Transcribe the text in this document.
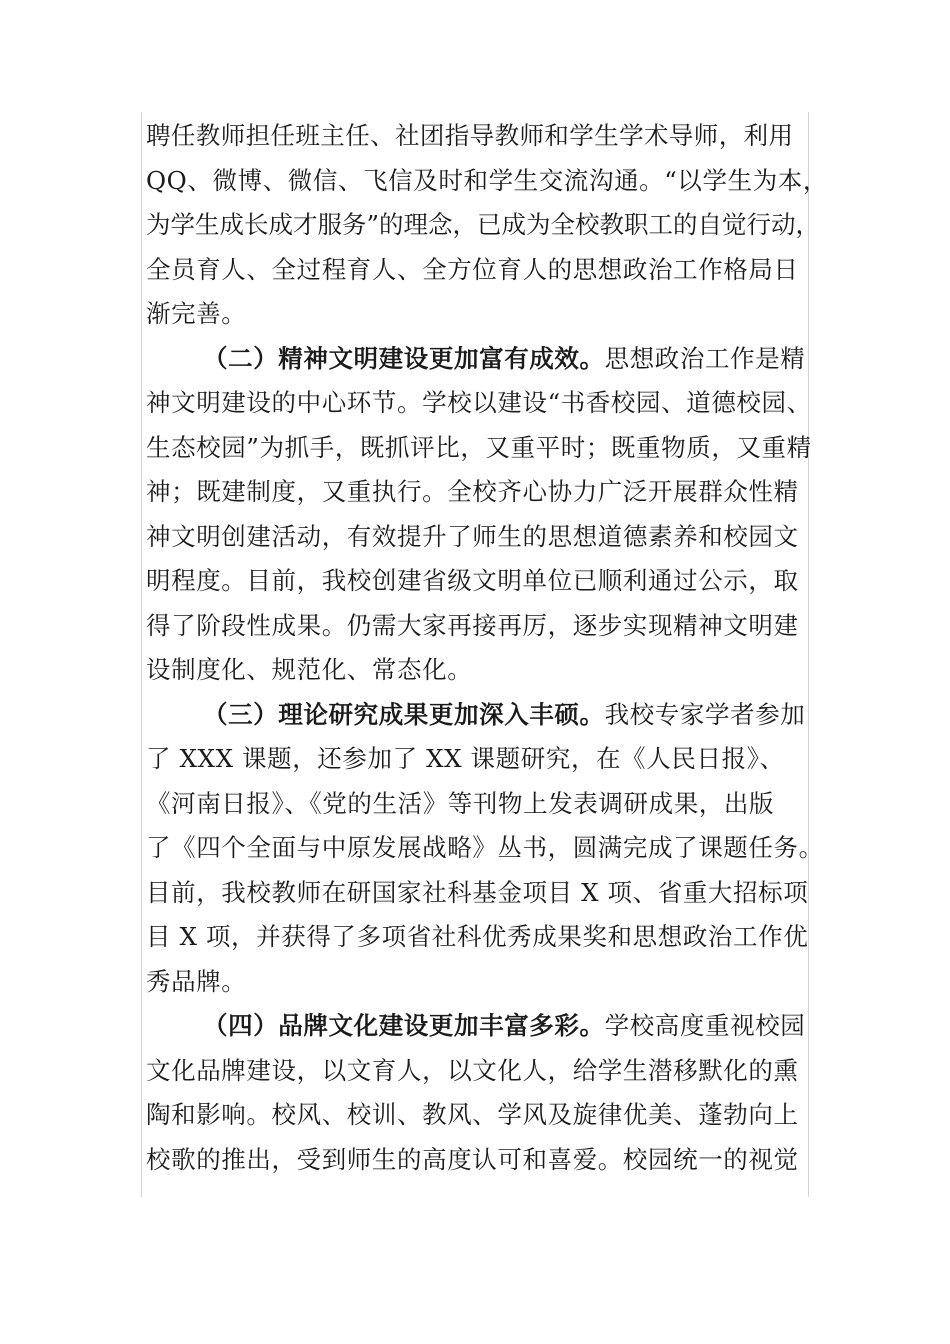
聘任教师担任班主任、社团指导教师和学生学术导师，利用
QQ、微博、微信、飞信及时和学生交流沟通。“以学生为本，
为学生成长成才服务”的理念，已成为全校教职工的自觉行动，
全员育人、全过程育人、全方位育人的思想政治工作格局日
渐完善。
（二）精神文明建设更加富有成效。思想政治工作是精
神文明建设的中心环节。学校以建设“书香校园、道德校园、
生态校园”为抓手，既抓评比，又重平时；既重物质，又重精
神；既建制度，又重执行。全校齐心协力广泛开展群众性精
神文明创建活动，有效提升了师生的思想道德素养和校园文
明程度。目前，我校创建省级文明单位已顺利通过公示，取
得了阶段性成果。仍需大家再接再厉，逐步实现精神文明建
设制度化、规范化、常态化。
（三）理论研究成果更加深入丰硕。我校专家学者参加
了 XXX 课题，还参加了 XX 课题研究，在《人民日报》、
《河南日报》、《党的生活》等刊物上发表调研成果，出版
了《四个全面与中原发展战略》丛书，圆满完成了课题任务。
目前，我校教师在研国家社科基金项目 X 项、省重大招标项
目 X 项，并获得了多项省社科优秀成果奖和思想政治工作优
秀品牌。
（四）品牌文化建设更加丰富多彩。学校高度重视校园
文化品牌建设，以文育人，以文化人，给学生潜移默化的熏
陶和影响。校风、校训、教风、学风及旋律优美、蓬勃向上
校歌的推出，受到师生的高度认可和喜爱。校园统一的视觉
